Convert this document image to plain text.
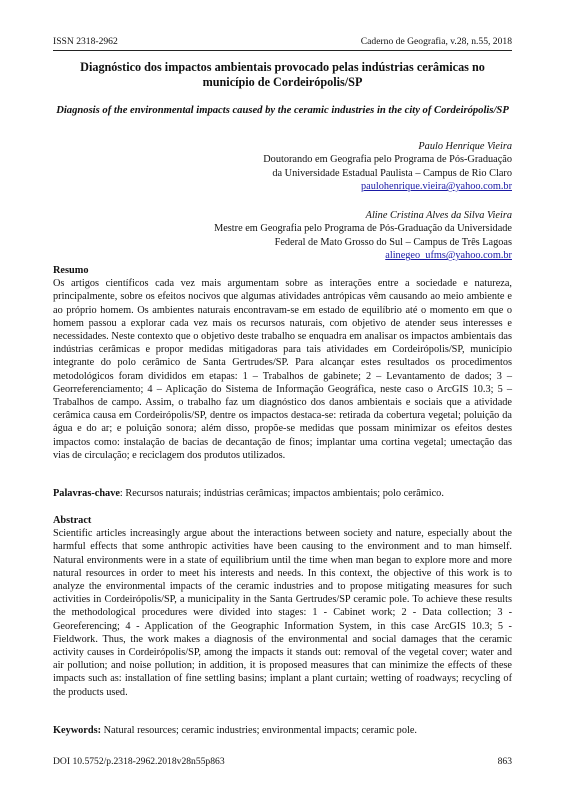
ISSN 2318-2962	Caderno de Geografia, v.28, n.55, 2018
Diagnóstico dos impactos ambientais provocado pelas indústrias cerâmicas no município de Cordeirópolis/SP
Diagnosis of the environmental impacts caused by the ceramic industries in the city of Cordeirópolis/SP
Paulo Henrique Vieira
Doutorando em Geografia pelo Programa de Pós-Graduação
da Universidade Estadual Paulista – Campus de Rio Claro
paulohenrique.vieira@yahoo.com.br
Aline Cristina Alves da Silva Vieira
Mestre em Geografia pelo Programa de Pós-Graduação da Universidade
Federal de Mato Grosso do Sul – Campus de Três Lagoas
alinegeo_ufms@yahoo.com.br
Resumo
Os artigos científicos cada vez mais argumentam sobre as interações entre a sociedade e natureza, principalmente, sobre os efeitos nocivos que algumas atividades antrópicas vêm causando ao meio ambiente e ao próprio homem. Os ambientes naturais encontravam-se em estado de equilíbrio até o momento em que o homem passou a explorar cada vez mais os recursos naturais, com objetivo de atender seus interesses e necessidades. Neste contexto que o objetivo deste trabalho se enquadra em analisar os impactos ambientais das indústrias cerâmicas e propor medidas mitigadoras para tais atividades em Cordeirópolis/SP, município integrante do polo cerâmico de Santa Gertrudes/SP. Para alcançar estes resultados os procedimentos metodológicos foram divididos em etapas: 1 – Trabalhos de gabinete; 2 – Levantamento de dados; 3 – Georreferenciamento; 4 – Aplicação do Sistema de Informação Geográfica, neste caso o ArcGIS 10.3; 5 – Trabalhos de campo. Assim, o trabalho faz um diagnóstico dos danos ambientais e sociais que a atividade cerâmica causa em Cordeirópolis/SP, dentre os impactos destaca-se: retirada da cobertura vegetal; poluição da água e do ar; e poluição sonora; além disso, propõe-se medidas que possam minimizar os efeitos destes impactos como: instalação de bacias de decantação de finos; implantar uma cortina vegetal; umectação das vias de circulação; e reciclagem dos produtos utilizados.
Palavras-chave: Recursos naturais; indústrias cerâmicas; impactos ambientais; polo cerâmico.
Abstract
Scientific articles increasingly argue about the interactions between society and nature, especially about the harmful effects that some anthropic activities have been causing to the environment and to man himself. Natural environments were in a state of equilibrium until the time when man began to explore more and more natural resources in order to meet his interests and needs. In this context, the objective of this work is to analyze the environmental impacts of the ceramic industries and to propose mitigating measures for such activities in Cordeirópolis/SP, a municipality in the Santa Gertrudes/SP ceramic pole. To achieve these results the methodological procedures were divided into stages: 1 - Cabinet work; 2 - Data collection; 3 - Georeferencing; 4 - Application of the Geographic Information System, in this case ArcGIS 10.3; 5 - Fieldwork. Thus, the work makes a diagnosis of the environmental and social damages that the ceramic activity causes in Cordeirópolis/SP, among the impacts it stands out: removal of the vegetal cover; water and air pollution; and noise pollution; in addition, it is proposed measures that can minimize the effects of these impacts such as: installation of fine settling basins; implant a plant curtain; wetting of roadways; recycling of the products used.
Keywords: Natural resources; ceramic industries; environmental impacts; ceramic pole.
DOI 10.5752/p.2318-2962.2018v28n55p863	863
